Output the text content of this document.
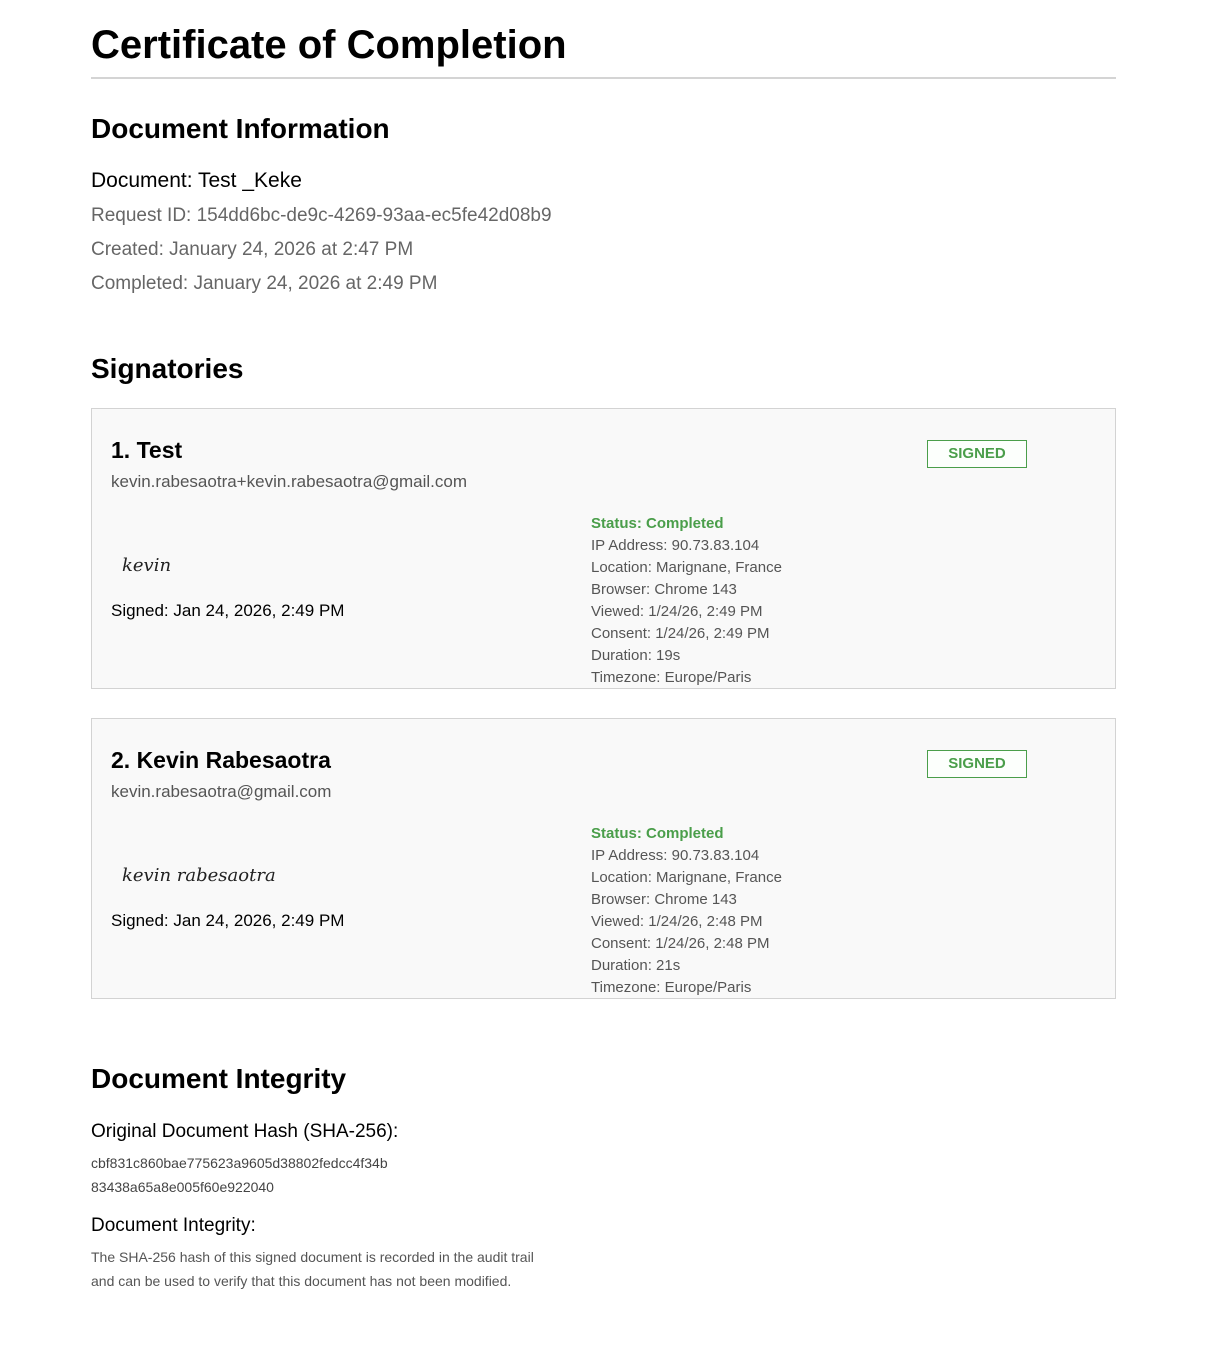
Certificate of Completion
Document Information
Document: Test _Keke
Request ID: 154dd6bc-de9c-4269-93aa-ec5fe42d08b9
Created: January 24, 2026 at 2:47 PM
Completed: January 24, 2026 at 2:49 PM
Signatories
1. Test
kevin.rabesaotra+kevin.rabesaotra@gmail.com
SIGNED
kevin
Signed: Jan 24, 2026, 2:49 PM
Status: Completed
IP Address: 90.73.83.104
Location: Marignane, France
Browser: Chrome 143
Viewed: 1/24/26, 2:49 PM
Consent: 1/24/26, 2:49 PM
Duration: 19s
Timezone: Europe/Paris
2. Kevin Rabesaotra
kevin.rabesaotra@gmail.com
SIGNED
kevin rabesaotra
Signed: Jan 24, 2026, 2:49 PM
Status: Completed
IP Address: 90.73.83.104
Location: Marignane, France
Browser: Chrome 143
Viewed: 1/24/26, 2:48 PM
Consent: 1/24/26, 2:48 PM
Duration: 21s
Timezone: Europe/Paris
Document Integrity
Original Document Hash (SHA-256):
cbf831c860bae775623a9605d38802fedcc4f34b
83438a65a8e005f60e922040
Document Integrity:
The SHA-256 hash of this signed document is recorded in the audit trail
and can be used to verify that this document has not been modified.
